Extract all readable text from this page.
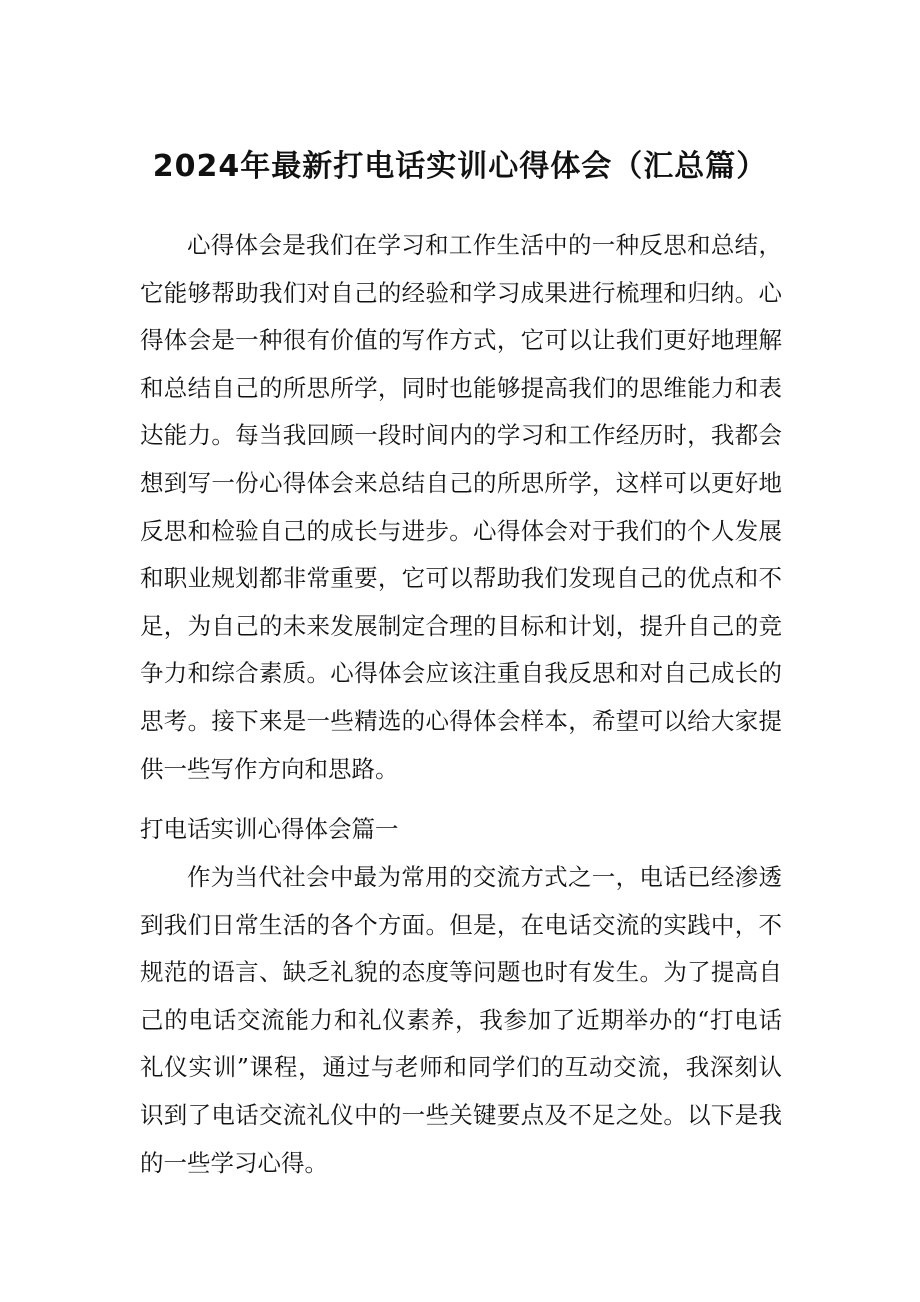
2024年最新打电话实训心得体会（汇总篇）

心得体会是我们在学习和工作生活中的一种反思和总结，它能够帮助我们对自己的经验和学习成果进行梳理和归纳。心得体会是一种很有价值的写作方式，它可以让我们更好地理解和总结自己的所思所学，同时也能够提高我们的思维能力和表达能力。每当我回顾一段时间内的学习和工作经历时，我都会想到写一份心得体会来总结自己的所思所学，这样可以更好地反思和检验自己的成长与进步。心得体会对于我们的个人发展和职业规划都非常重要，它可以帮助我们发现自己的优点和不足，为自己的未来发展制定合理的目标和计划，提升自己的竞争力和综合素质。心得体会应该注重自我反思和对自己成长的思考。接下来是一些精选的心得体会样本，希望可以给大家提供一些写作方向和思路。

打电话实训心得体会篇一

作为当代社会中最为常用的交流方式之一，电话已经渗透到我们日常生活的各个方面。但是，在电话交流的实践中，不规范的语言、缺乏礼貌的态度等问题也时有发生。为了提高自己的电话交流能力和礼仪素养，我参加了近期举办的“打电话礼仪实训”课程，通过与老师和同学们的互动交流，我深刻认识到了电话交流礼仪中的一些关键要点及不足之处。以下是我的一些学习心得。
